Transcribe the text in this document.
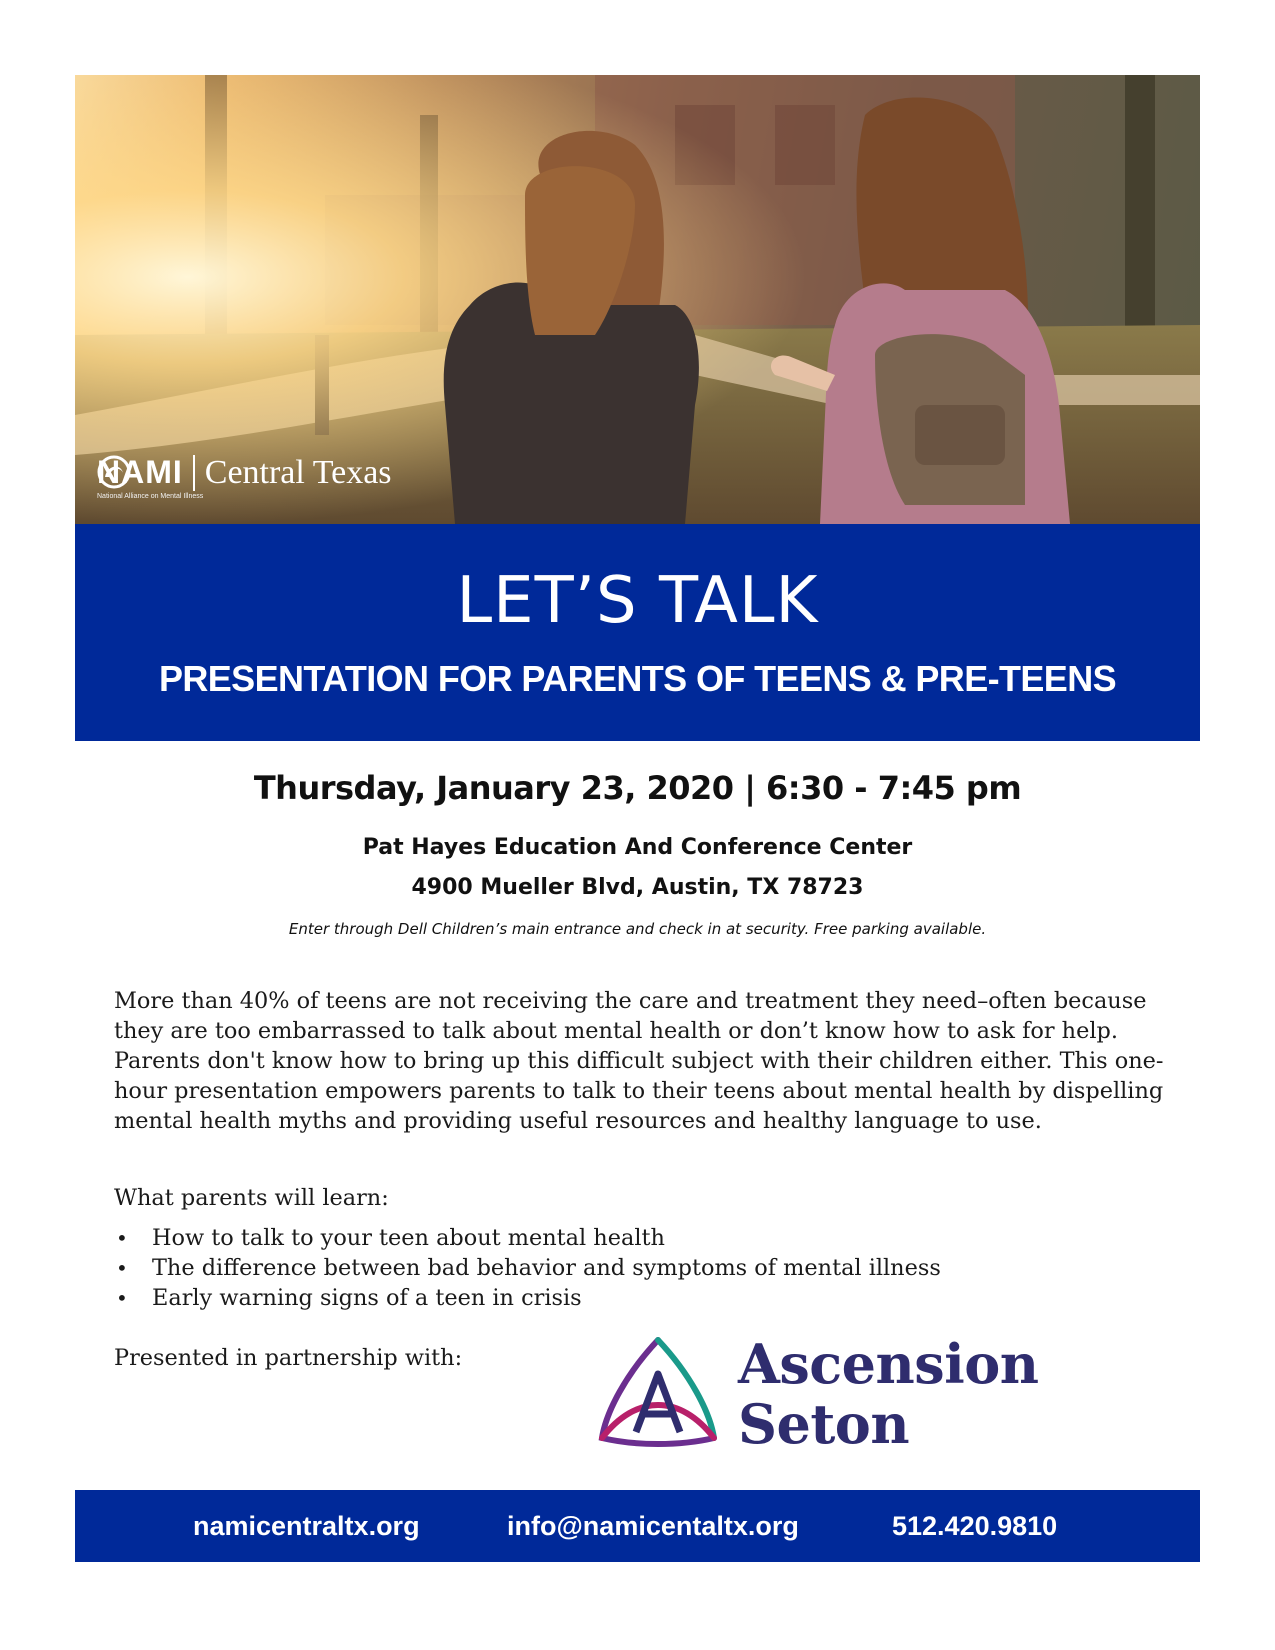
NAMI Central Texas
National Alliance on Mental Illness
LET’S TALK
PRESENTATION FOR PARENTS OF TEENS & PRE-TEENS
Thursday, January 23, 2020 | 6:30 - 7:45 pm
Pat Hayes Education And Conference Center
4900 Mueller Blvd, Austin, TX 78723
Enter through Dell Children’s main entrance and check in at security. Free parking available.
More than 40% of teens are not receiving the care and treatment they need–often because they are too embarrassed to talk about mental health or don’t know how to ask for help. Parents don't know how to bring up this difficult subject with their children either. This one-hour presentation empowers parents to talk to their teens about mental health by dispelling mental health myths and providing useful resources and healthy language to use.
What parents will learn:
• How to talk to your teen about mental health
• The difference between bad behavior and symptoms of mental illness
• Early warning signs of a teen in crisis
Presented in partnership with:	Ascension
Seton
namicentraltx.org	info@namicentaltx.org	512.420.9810
